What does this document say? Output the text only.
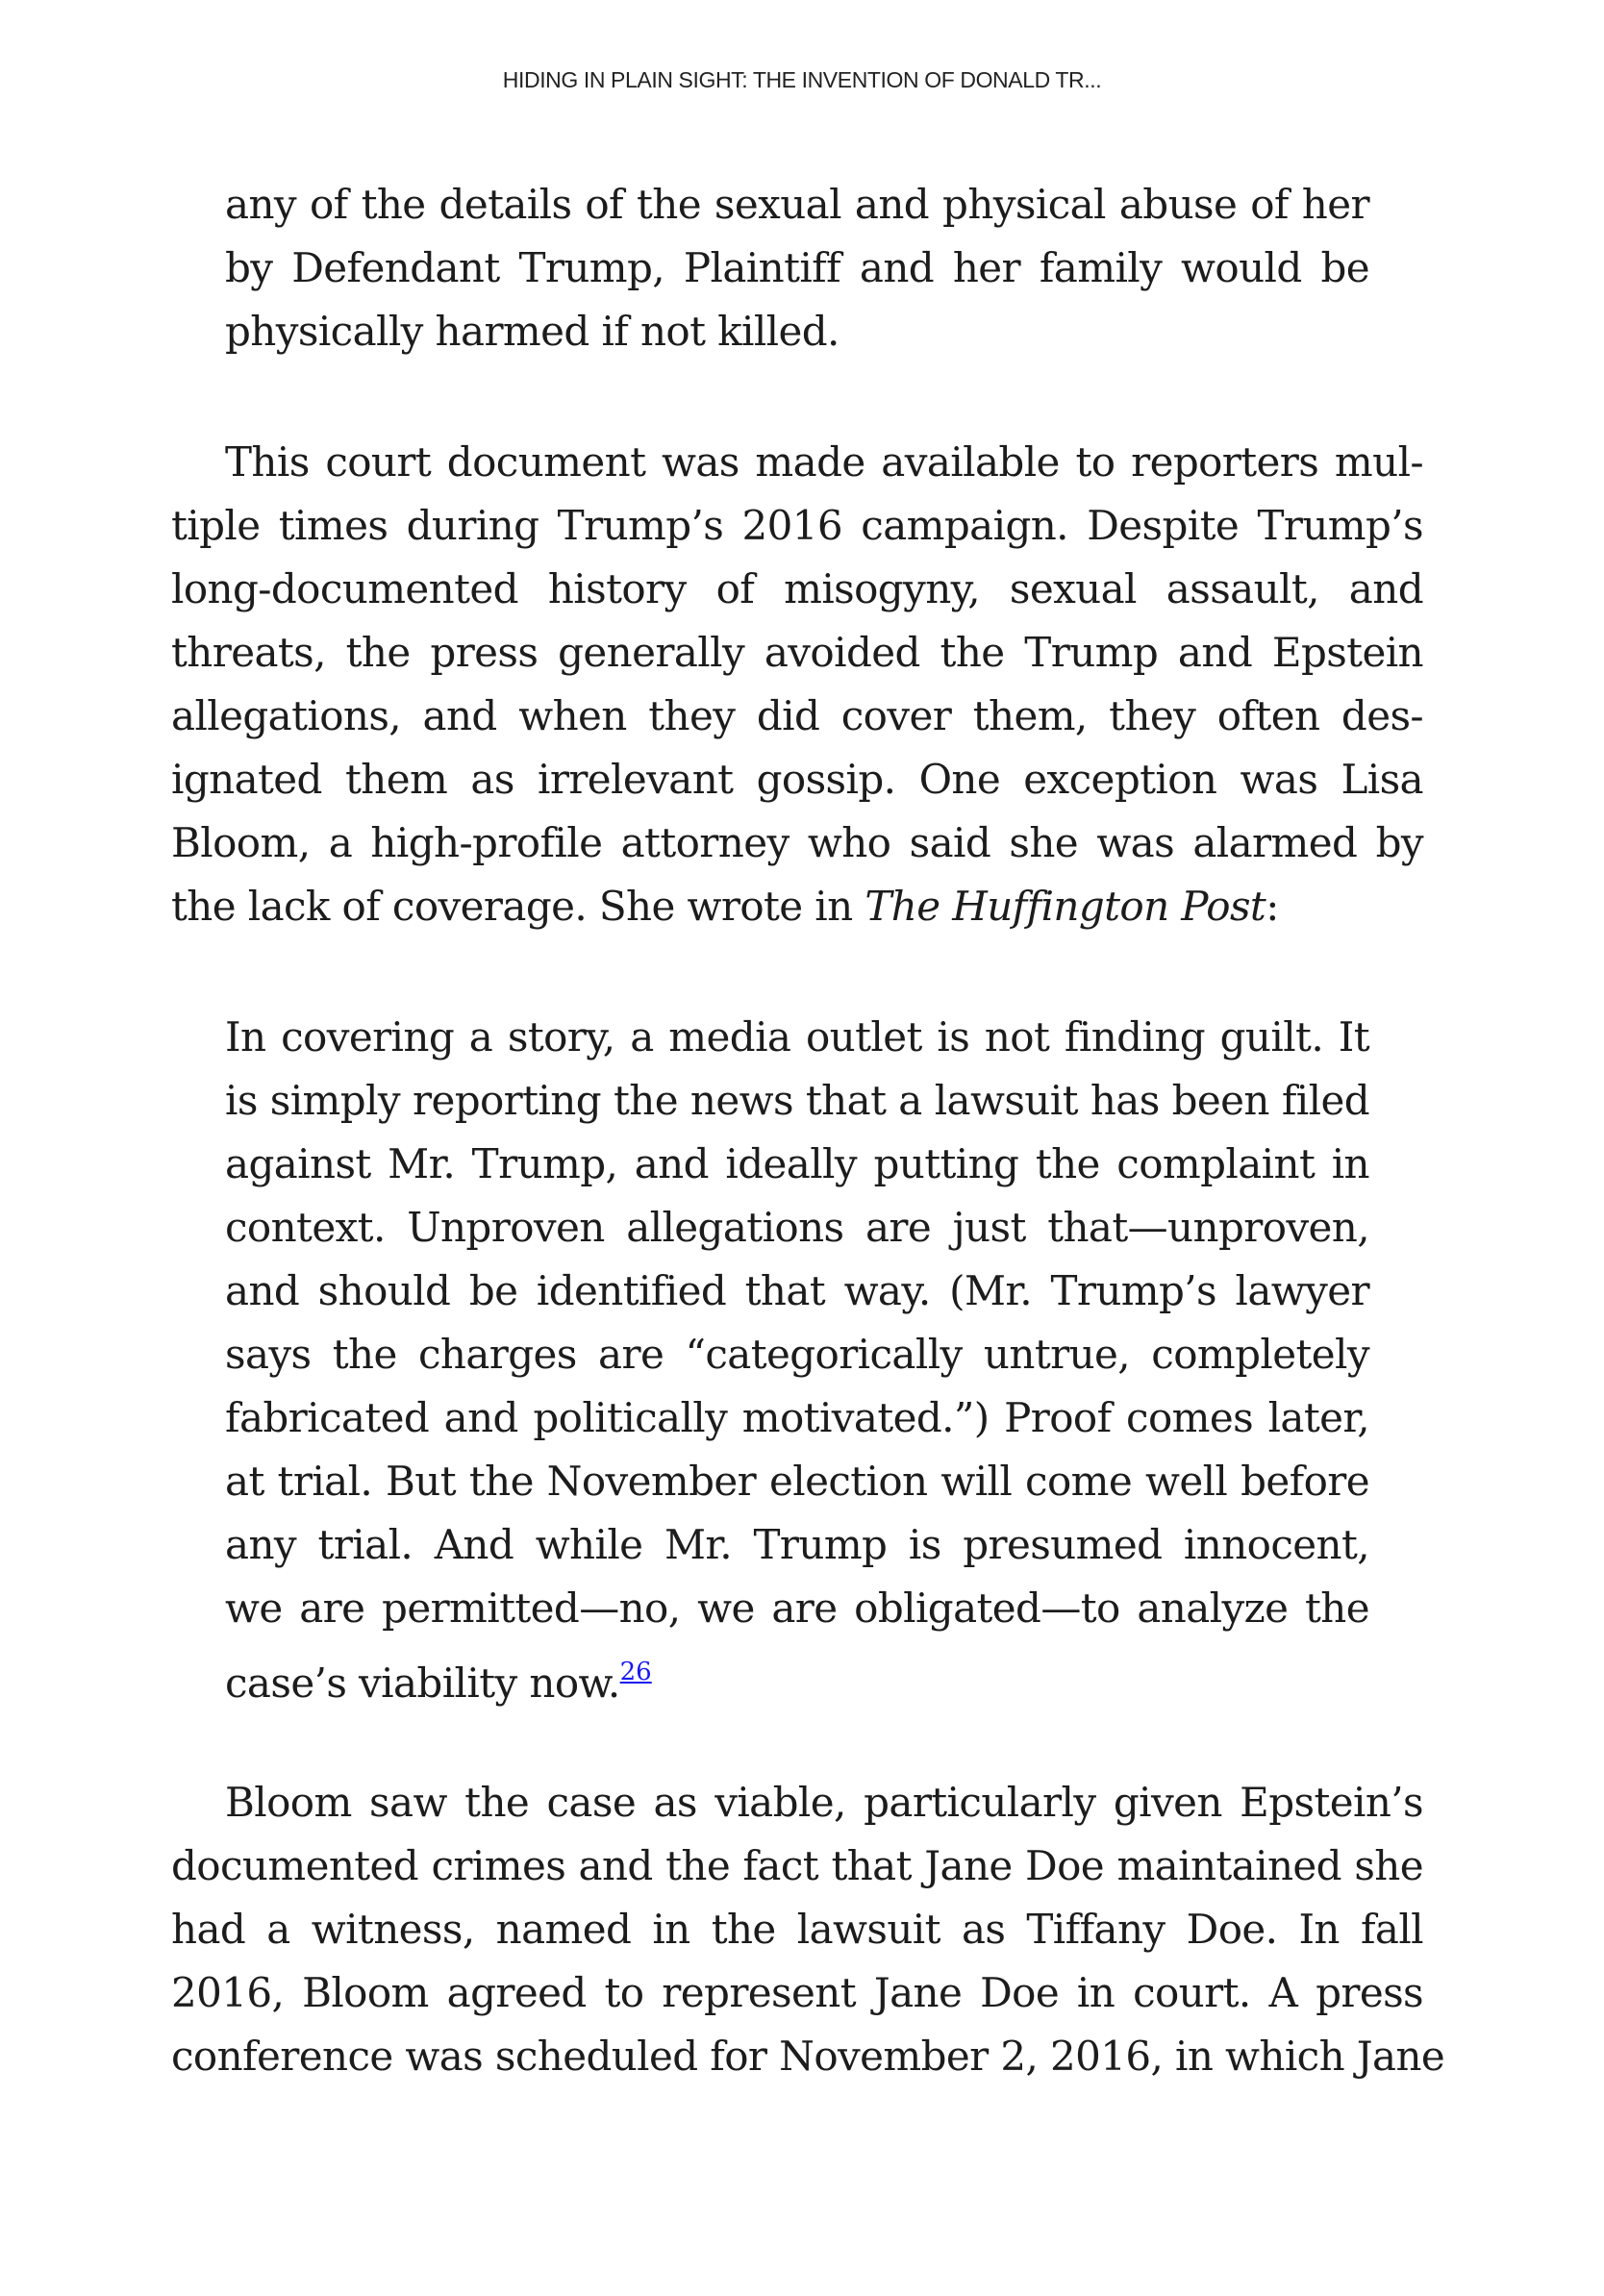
HIDING IN PLAIN SIGHT: THE INVENTION OF DONALD TR...
any of the details of the sexual and physical abuse of her
by Defendant Trump, Plaintiff and her family would be
physically harmed if not killed.
This court document was made available to reporters mul-
tiple times during Trump’s 2016 campaign. Despite Trump’s
long-documented history of misogyny, sexual assault, and
threats, the press generally avoided the Trump and Epstein
allegations, and when they did cover them, they often des-
ignated them as irrelevant gossip. One exception was Lisa
Bloom, a high-profile attorney who said she was alarmed by
the lack of coverage. She wrote in The Huffington Post:
In covering a story, a media outlet is not finding guilt. It
is simply reporting the news that a lawsuit has been filed
against Mr. Trump, and ideally putting the complaint in
context. Unproven allegations are just that—unproven,
and should be identified that way. (Mr. Trump’s lawyer
says the charges are “categorically untrue, completely
fabricated and politically motivated.”) Proof comes later,
at trial. But the November election will come well before
any trial. And while Mr. Trump is presumed innocent,
we are permitted—no, we are obligated—to analyze the
case’s viability now.$^{26}$
Bloom saw the case as viable, particularly given Epstein’s
documented crimes and the fact that Jane Doe maintained she
had a witness, named in the lawsuit as Tiffany Doe. In fall
2016, Bloom agreed to represent Jane Doe in court. A press
conference was scheduled for November 2, 2016, in which Jane
